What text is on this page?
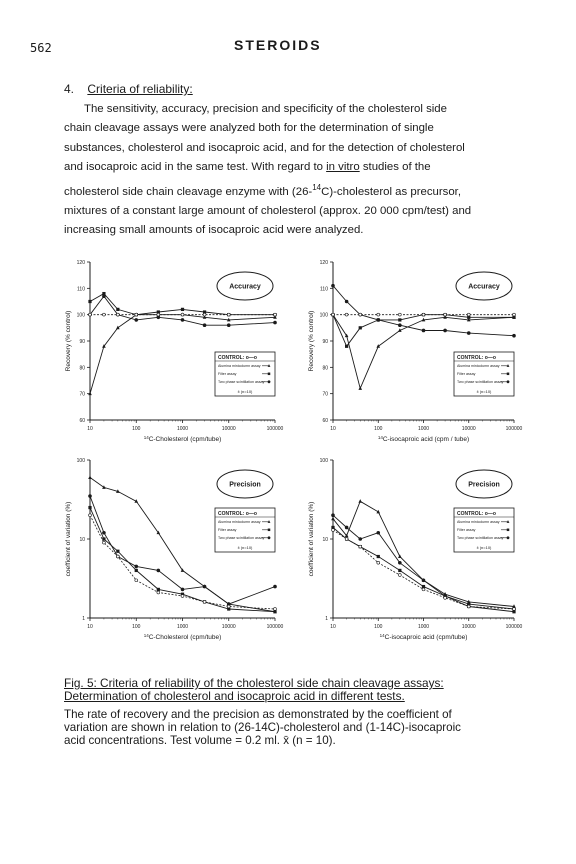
562	STEROIDS
4. Criteria of reliability:
The sensitivity, accuracy, precision and specificity of the cholesterol side
chain cleavage assays were analyzed both for the determination of single
substances, cholesterol and isocaproic acid, and for the detection of cholesterol
and isocaproic acid in the same test. With regard to in vitro studies of the
cholesterol side chain cleavage enzyme with (26-$^{14}$C)-cholesterol as precursor,
mixtures of a constant large amount of cholesterol (approx. 20 000 cpm/test) and
increasing small amounts of isocaproic acid were analyzed.
60
70
80
90
100
110
120
10	100	1000	10000	100000
$^{14}$C-Cholesterol (cpm/tube)
Recovery (% control)
Accuracy
CONTROL: o—o
Alumina minicolumn assay
Filter assay
Two phase scintillation assay
x̄ (n=10)
60
70
80
90
100
110
120
10	100	1000	10000	100000
$^{14}$C-isocaproic acid (cpm / tube)
Recovery (% control)
Accuracy
CONTROL: o—o
Alumina minicolumn assay
Filter assay
Two phase scintillation assay
x̄ (n=10)
1
10
100
10	100	1000	10000	100000
$^{14}$C-Cholesterol (cpm/tube)
coefficient of variation (%)
Precision
CONTROL: o—o
Alumina minicolumn assay
Filter assay
Two phase scintillation assay
x̄ (n=10)
1
10
100
10	100	1000	10000	100000
$^{14}$C-isocaproic acid (cpm/tube)
coefficient of variation (%)
Precision
CONTROL: o—o
Alumina minicolumn assay
Filter assay
Two phase scintillation assay
x̄ (n=10)
Fig. 5: Criteria of reliability of the cholesterol side chain cleavage assays:
Determination of cholesterol and isocaproic acid in different tests.
The rate of recovery and the precision as demonstrated by the coefficient of
variation are shown in relation to (26-14C)-cholesterol and (1-14C)-isocaproic
acid concentrations. Test volume = 0.2 ml. x̄ (n = 10).
